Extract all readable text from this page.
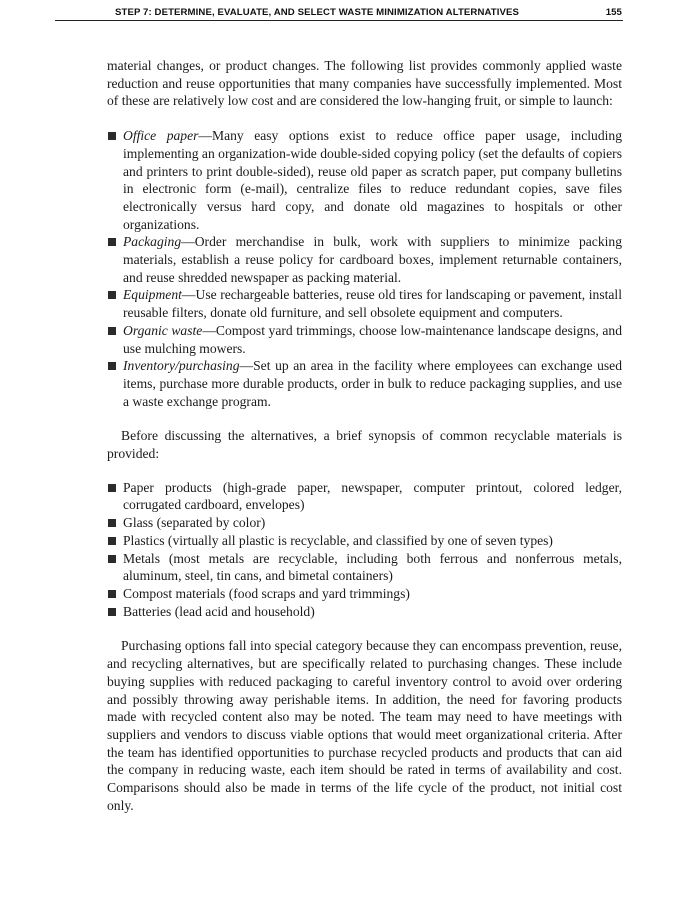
STEP 7: DETERMINE, EVALUATE, AND SELECT WASTE MINIMIZATION ALTERNATIVES	155

material changes, or product changes. The following list provides commonly applied waste reduction and reuse opportunities that many companies have successfully implemented. Most of these are relatively low cost and are considered the low-hanging fruit, or simple to launch:

Office paper—Many easy options exist to reduce office paper usage, including implementing an organization-wide double-sided copying policy (set the defaults of copiers and printers to print double-sided), reuse old paper as scratch paper, put company bulletins in electronic form (e-mail), centralize files to reduce redundant copies, save files electronically versus hard copy, and donate old magazines to hospitals or other organizations.
Packaging—Order merchandise in bulk, work with suppliers to minimize packing materials, establish a reuse policy for cardboard boxes, implement returnable containers, and reuse shredded newspaper as packing material.
Equipment—Use rechargeable batteries, reuse old tires for landscaping or pavement, install reusable filters, donate old furniture, and sell obsolete equipment and computers.
Organic waste—Compost yard trimmings, choose low-maintenance landscape designs, and use mulching mowers.
Inventory/purchasing—Set up an area in the facility where employees can exchange used items, purchase more durable products, order in bulk to reduce packaging supplies, and use a waste exchange program.

Before discussing the alternatives, a brief synopsis of common recyclable materials is provided:

Paper products (high-grade paper, newspaper, computer printout, colored ledger, corrugated cardboard, envelopes)
Glass (separated by color)
Plastics (virtually all plastic is recyclable, and classified by one of seven types)
Metals (most metals are recyclable, including both ferrous and nonferrous metals, aluminum, steel, tin cans, and bimetal containers)
Compost materials (food scraps and yard trimmings)
Batteries (lead acid and household)

Purchasing options fall into special category because they can encompass prevention, reuse, and recycling alternatives, but are specifically related to purchasing changes. These include buying supplies with reduced packaging to careful inventory control to avoid over ordering and possibly throwing away perishable items. In addition, the need for favoring products made with recycled content also may be noted. The team may need to have meetings with suppliers and vendors to discuss viable options that would meet organizational criteria. After the team has identified opportunities to purchase recycled products and products that can aid the company in reducing waste, each item should be rated in terms of availability and cost. Comparisons should also be made in terms of the life cycle of the product, not initial cost only.
